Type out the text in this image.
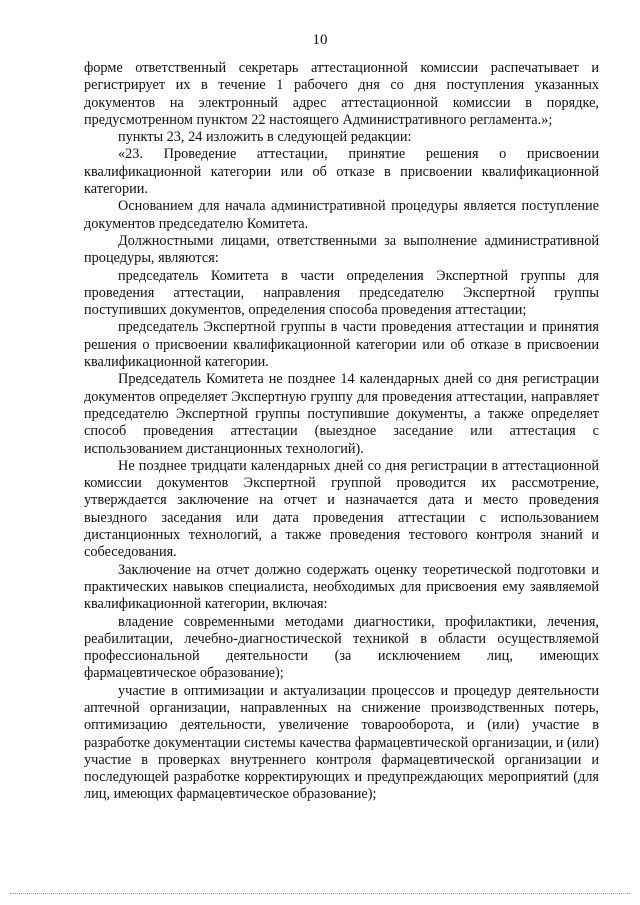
10

форме ответственный секретарь аттестационной комиссии распечатывает и регистрирует их в течение 1 рабочего дня со дня поступления указанных документов на электронный адрес аттестационной комиссии в порядке, предусмотренном пунктом 22 настоящего Административного регламента.»;

пункты 23, 24 изложить в следующей редакции:

«23. Проведение аттестации, принятие решения о присвоении квалификационной категории или об отказе в присвоении квалификационной категории.

Основанием для начала административной процедуры является поступление документов председателю Комитета.

Должностными лицами, ответственными за выполнение административной процедуры, являются:

председатель Комитета в части определения Экспертной группы для проведения аттестации, направления председателю Экспертной группы поступивших документов, определения способа проведения аттестации;

председатель Экспертной группы в части проведения аттестации и принятия решения о присвоении квалификационной категории или об отказе в присвоении квалификационной категории.

Председатель Комитета не позднее 14 календарных дней со дня регистрации документов определяет Экспертную группу для проведения аттестации, направляет председателю Экспертной группы поступившие документы, а также определяет способ проведения аттестации (выездное заседание или аттестация с использованием дистанционных технологий).

Не позднее тридцати календарных дней со дня регистрации в аттестационной комиссии документов Экспертной группой проводится их рассмотрение, утверждается заключение на отчет и назначается дата и место проведения выездного заседания или дата проведения аттестации с использованием дистанционных технологий, а также проведения тестового контроля знаний и собеседования.

Заключение на отчет должно содержать оценку теоретической подготовки и практических навыков специалиста, необходимых для присвоения ему заявляемой квалификационной категории, включая:

владение современными методами диагностики, профилактики, лечения, реабилитации, лечебно-диагностической техникой в области осуществляемой профессиональной деятельности (за исключением лиц, имеющих фармацевтическое образование);

участие в оптимизации и актуализации процессов и процедур деятельности аптечной организации, направленных на снижение производственных потерь, оптимизацию деятельности, увеличение товарооборота, и (или) участие в разработке документации системы качества фармацевтической организации, и (или) участие в проверках внутреннего контроля фармацевтической организации и последующей разработке корректирующих и предупреждающих мероприятий (для лиц, имеющих фармацевтическое образование);
